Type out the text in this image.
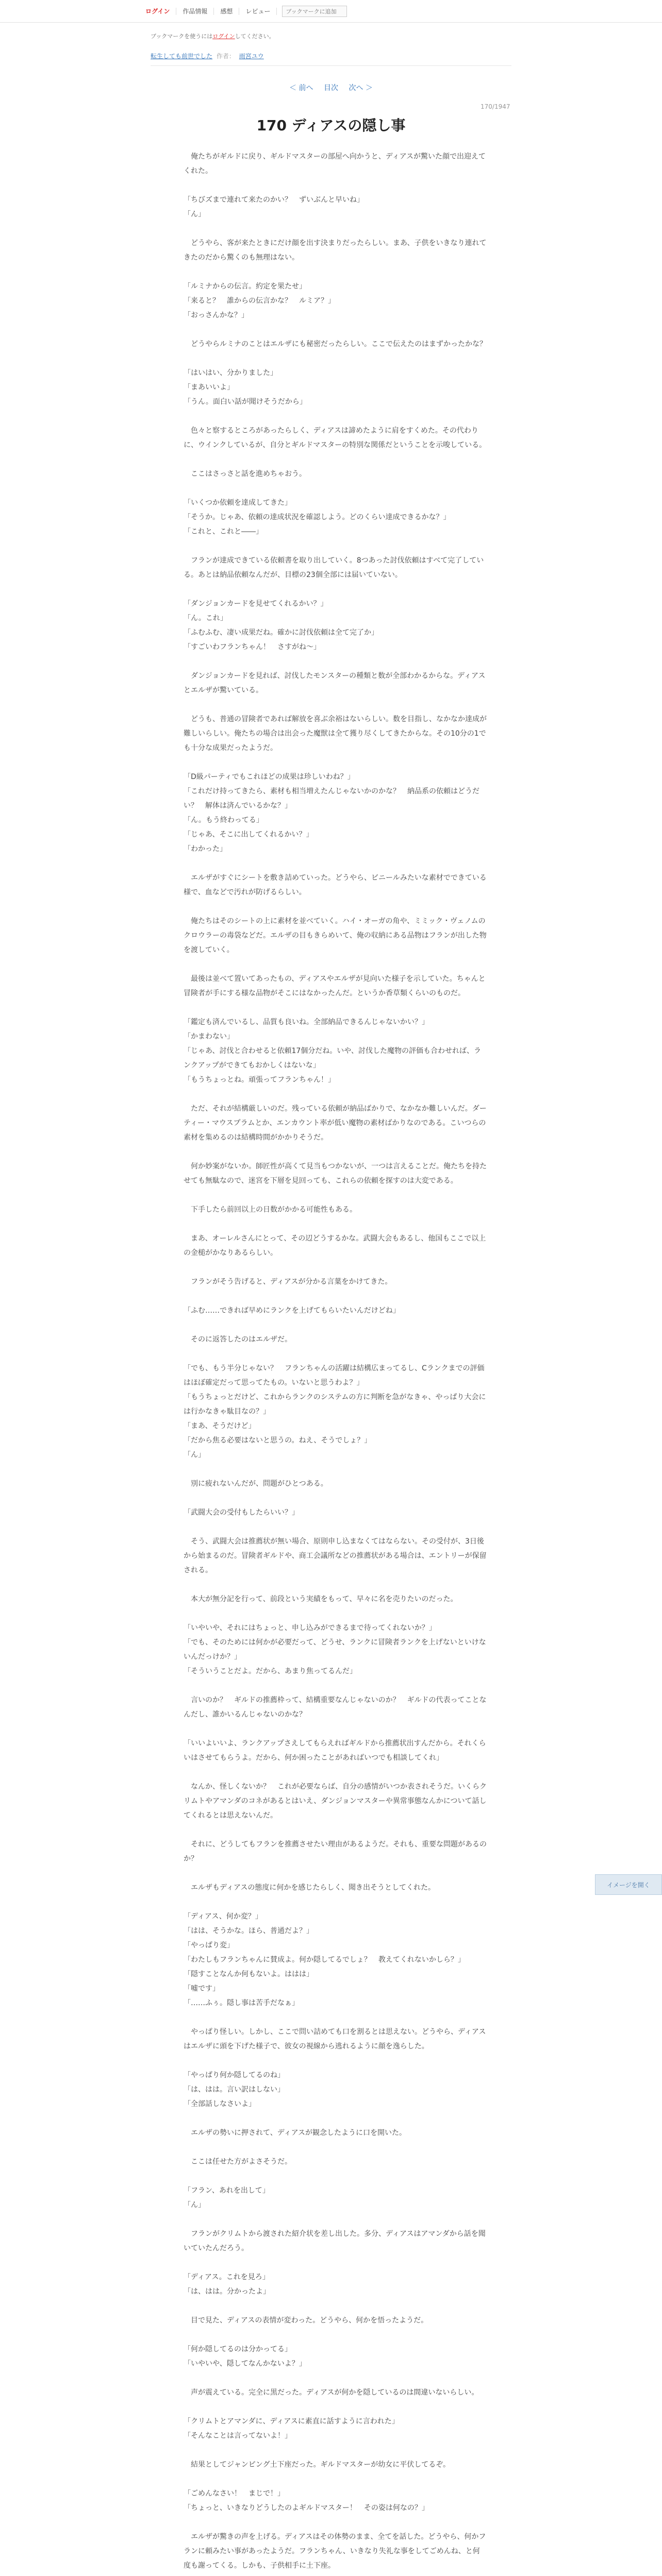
ログイン	作品情報	感想	レビュー
ブックマークに追加
ブックマークを使うにはログインしてください。
転生しても前世でした 作者： 雨宮ユウ
＜ 前へ 目次 次へ ＞
170/1947
170 ディアスの隠し事

　俺たちがギルドに戻り、ギルドマスターの部屋へ向かうと、ディアスが驚いた顔で出迎えてくれた。

「ちびズまで連れて来たのかい？　ずいぶんと早いね」
「ん」

　どうやら、客が来たときにだけ顔を出す決まりだったらしい。まあ、子供をいきなり連れてきたのだから驚くのも無理はない。

「ルミナからの伝言。約定を果たせ」
「来ると？　誰からの伝言かな？　ルミア？」
「おっさんかな？」

　どうやらルミナのことはエルザにも秘密だったらしい。ここで伝えたのはまずかったかな？

「はいはい、分かりました」
「まあいいよ」
「うん。面白い話が聞けそうだから」

　色々と察するところがあったらしく、ディアスは諦めたように肩をすくめた。その代わりに、ウインクしているが、自分とギルドマスターの特別な関係だということを示唆している。

　ここはさっさと話を進めちゃおう。

「いくつか依頼を達成してきた」
「そうか。じゃあ、依頼の達成状況を確認しよう。どのくらい達成できるかな？」
「これと、これと――」

　フランが達成できている依頼書を取り出していく。8つあった討伐依頼はすべて完了している。あとは納品依頼なんだが、目標の23個全部には届いていない。

「ダンジョンカードを見せてくれるかい？」
「ん。これ」
「ふむふむ、凄い成果だね。確かに討伐依頼は全て完了か」
「すごいわフランちゃん！　さすがね～」

　ダンジョンカードを見れば、討伐したモンスターの種類と数が全部わかるからな。ディアスとエルザが驚いている。

　どうも、普通の冒険者であれば解放を喜ぶ余裕はないらしい。数を目指し、なかなか達成が難しいらしい。俺たちの場合は出会った魔獣は全て獲り尽くしてきたからな。その10分の1でも十分な成果だったようだ。

「D級パーティでもこれほどの成果は珍しいわね？」
「これだけ持ってきたら、素材も相当増えたんじゃないかのかな？　納品系の依頼はどうだい？　解体は済んでいるかな？」
「ん。もう終わってる」
「じゃあ、そこに出してくれるかい？」
「わかった」

　エルザがすぐにシートを敷き詰めていった。どうやら、ビニールみたいな素材でできている様で、血などで汚れが防げるらしい。

　俺たちはそのシートの上に素材を並べていく。ハイ・オーガの角や、ミミック・ヴェノムのクロウラーの毒袋などだ。エルザの目もきらめいて、俺の収納にある品物はフランが出した物を渡していく。

　最後は並べて置いてあったもの、ディアスやエルザが見向いた様子を示していた。ちゃんと冒険者が手にする様な品物がそこにはなかったんだ。というか香草類くらいのものだ。

「鑑定も済んでいるし、品質も良いね。全部納品できるんじゃないかい？」
「かまわない」
「じゃあ、討伐と合わせると依頼17個分だね。いや、討伐した魔物の評価も合わせれば、ランクアップができてもおかしくはないな」
「もうちょっとね。頑張ってフランちゃん！」

　ただ、それが結構厳しいのだ。残っている依頼が納品ばかりで、なかなか難しいんだ。ダーティー・マウスプラムとか、エンカウント率が低い魔物の素材ばかりなのである。こいつらの素材を集めるのは結構時間がかかりそうだ。

　何か妙案がないか。師匠性が高くて見当もつかないが、一つは言えることだ。俺たちを持たせても無駄なので、迷宮を下層を見回っても、これらの依頼を探すのは大変である。

　下手したら前回以上の日数がかかる可能性もある。

　まあ、オーレルさんにとって、その辺どうするかな。武闘大会もあるし、他国もここで以上の金槌がかなりあるらしい。

　フランがそう告げると、ディアスが分かる言葉をかけてきた。

「ふむ……できれば早めにランクを上げてもらいたいんだけどね」

　そのに返答したのはエルザだ。

「でも、もう半分じゃない？　フランちゃんの活躍は結構広まってるし、Cランクまでの評価はほぼ確定だって思ってたもの。いないと思うわよ？」
「もうちょっとだけど、これからランクのシステムの方に判断を急がなきゃ、やっぱり大会には行かなきゃ駄目なの？」
「まあ、そうだけど」
「だから焦る必要はないと思うの。ねえ、そうでしょ？」
「ん」

　別に疲れないんだが、問題がひとつある。

「武闘大会の受付もしたらいい？」

　そう、武闘大会は推薦状が無い場合、原則申し込まなくてはならない。その受付が、3日後から始まるのだ。冒険者ギルドや、商工会議所などの推薦状がある場合は、エントリーが保留される。

　本大が無分記を行って、前段という実績をもって、早々に名を売りたいのだった。

「いやいや、それにはちょっと、申し込みができるまで待ってくれないか？」
「でも、そのためには何かが必要だって、どうせ、ランクに冒険者ランクを上げないといけないんだっけか？」
「そういうことだよ。だから、あまり焦ってるんだ」

　言いのか？　ギルドの推薦枠って、結構重要なんじゃないのか？　ギルドの代表ってことなんだし、誰かいるんじゃないのかな？

「いいよいいよ、ランクアップさえしてもらえればギルドから推薦状出すんだから。それくらいはさせてもらうよ。だから、何か困ったことがあればいつでも相談してくれ」

　なんか、怪しくないか？　これが必要ならば、自分の感情がいつか表されそうだ。いくらクリムトやアマンダのコネがあるとはいえ、ダンジョンマスターや異常事態なんかについて話してくれるとは思えないんだ。

　それに、どうしてもフランを推薦させたい理由があるようだ。それも、重要な問題があるのか？

　エルザもディアスの態度に何かを感じたらしく、聞き出そうとしてくれた。

「ディアス、何か変？」
「はは、そうかな。ほら、普通だよ？」
「やっぱり変」
「わたしもフランちゃんに賛成よ。何か隠してるでしょ？　教えてくれないかしら？」
「隠すことなんか何もないよ。ははは」
「嘘です」
「……ふぅ。隠し事は苦手だなぁ」

　やっぱり怪しい。しかし、ここで問い詰めても口を割るとは思えない。どうやら、ディアスはエルザに頭を下げた様子で、彼女の視線から逃れるように顔を逸らした。

「やっぱり何か隠してるのね」
「は、はは。言い訳はしない」
「全部話しなさいよ」

　エルザの勢いに押されて、ディアスが観念したように口を開いた。

　ここは任せた方がよさそうだ。

「フラン、あれを出して」
「ん」

　フランがクリムトから渡された紹介状を差し出した。多分、ディアスはアマンダから話を聞いていたんだろう。

「ディアス。これを見ろ」
「は、はは。分かったよ」

　目で見た、ディアスの表情が変わった。どうやら、何かを悟ったようだ。

「何か隠してるのは分かってる」
「いやいや、隠してなんかないよ？」

　声が震えている。完全に黒だった。ディアスが何かを隠しているのは間違いないらしい。

「クリムトとアマンダに、ディアスに素直に話すように言われた」
「そんなことは言ってないよ！」

　結果としてジャンピング土下座だった。ギルドマスターが幼女に平伏してるぞ。

「ごめんなさい！　まじで！」
「ちょっと、いきなりどうしたのよギルドマスター！　その姿は何なの？」

　エルザが驚きの声を上げる。ディアスはその体勢のまま、全てを話した。どうやら、何かフランに頼みたい事があったようだ。フランちゃん、いきなり失礼な事をしてごめんね、と何度も謝ってくる。しかも、子供相手に土下座。

イメージを開く
